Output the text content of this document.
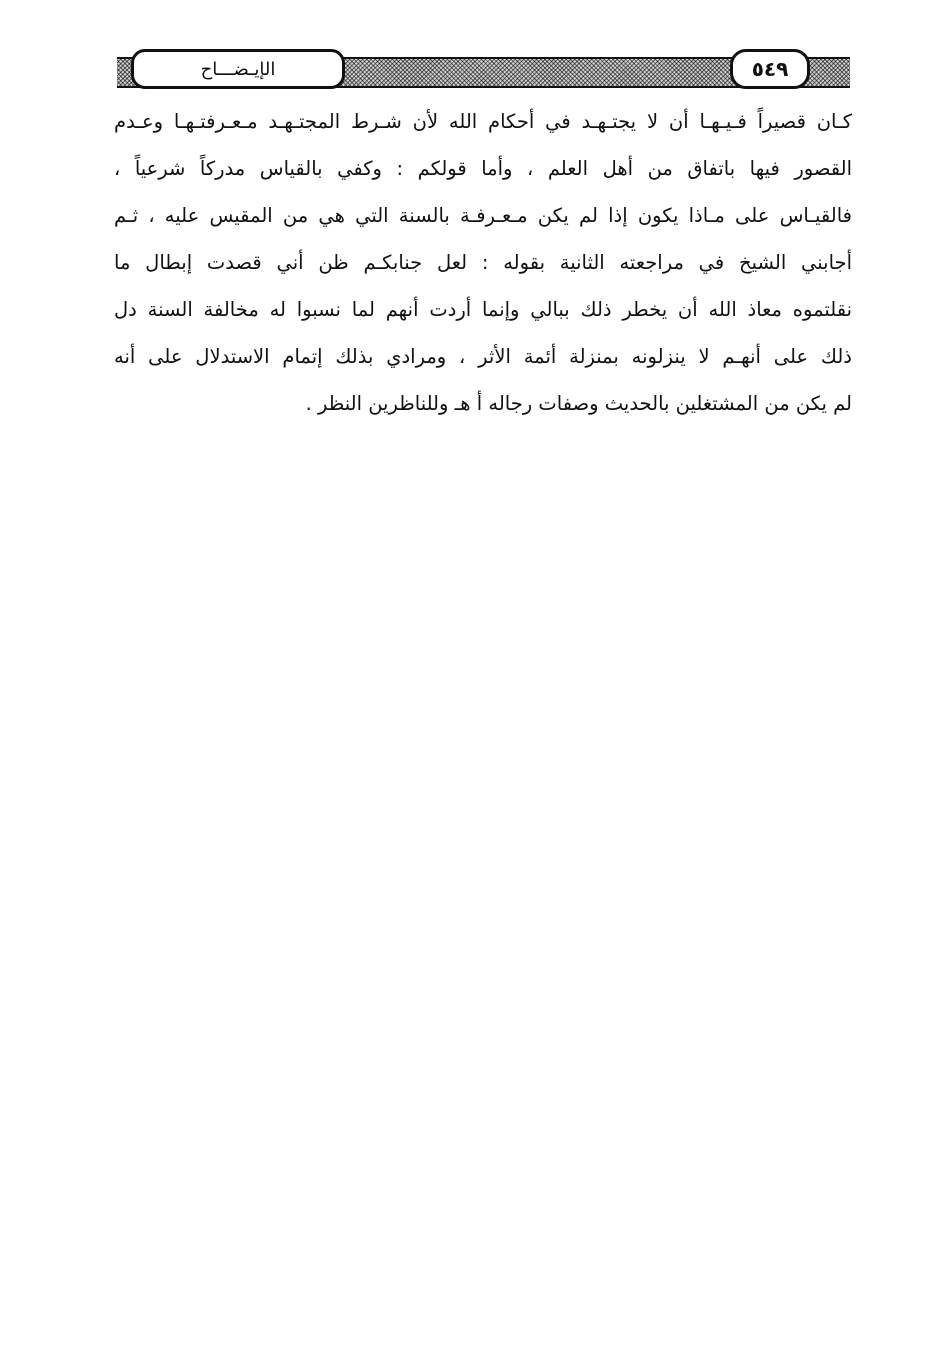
الإيـضـــاح	٥٤٩
كـان قصيراً فـيـهـا أن لا يجتـهـد في أحكام الله لأن شـرط المجتـهـد مـعـرفتـهـا وعـدم
القصور فيها باتفاق من أهل العلم ، وأما قولكم : وكفي بالقياس مدركاً شرعياً ،
فالقيـاس على مـاذا يكون إذا لم يكن مـعـرفـة بالسنة التي هي من المقيس عليه ، ثـم
أجابني الشيخ في مراجعته الثانية بقوله : لعل جنابكـم ظن أني قصدت إبطال ما
نقلتموه معاذ الله أن يخطر ذلك ببالي وإنما أردت أنهم لما نسبوا له مخالفة السنة دل
ذلك على أنهـم لا ينزلونه بمنزلة أئمة الأثر ، ومرادي بذلك إتمام الاستدلال على أنه
لم يكن من المشتغلين بالحديث وصفات رجاله أ هـ وللناظرين النظر .
